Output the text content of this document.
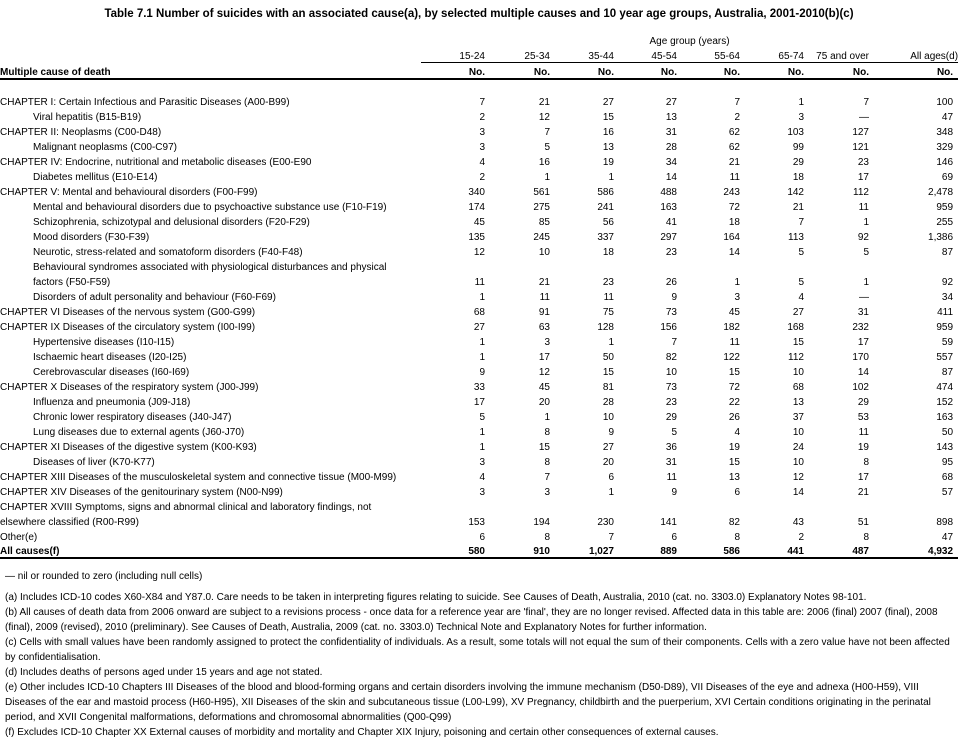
Table 7.1 Number of suicides with an associated cause(a), by selected multiple causes and 10 year age groups, Australia, 2001-2010(b)(c)

	Age group (years)							
	15-24	25-34	35-44	45-54	55-64	65-74	75 and over	All ages(d)
Multiple cause of death	No.	No.	No.	No.	No.	No.	No.	No.

CHAPTER I: Certain Infectious and Parasitic Diseases (A00-B99)	7	21	27	27	7	1	7	100
Viral hepatitis (B15-B19)	2	12	15	13	2	3	—	47
CHAPTER II: Neoplasms (C00-D48)	3	7	16	31	62	103	127	348
Malignant neoplasms (C00-C97)	3	5	13	28	62	99	121	329
CHAPTER IV: Endocrine, nutritional and metabolic diseases (E00-E90	4	16	19	34	21	29	23	146
Diabetes mellitus (E10-E14)	2	1	1	14	11	18	17	69
CHAPTER V: Mental and behavioural disorders (F00-F99)	340	561	586	488	243	142	112	2,478
Mental and behavioural disorders due to psychoactive substance use (F10-F19)	174	275	241	163	72	21	11	959
Schizophrenia, schizotypal and delusional disorders (F20-F29)	45	85	56	41	18	7	1	255
Mood disorders (F30-F39)	135	245	337	297	164	113	92	1,386
Neurotic, stress-related and somatoform disorders (F40-F48)	12	10	18	23	14	5	5	87
Behavioural syndromes associated with physiological disturbances and physical								
factors (F50-F59)	11	21	23	26	1	5	1	92
Disorders of adult personality and behaviour (F60-F69)	1	11	11	9	3	4	—	34
CHAPTER VI Diseases of the nervous system (G00-G99)	68	91	75	73	45	27	31	411
CHAPTER IX Diseases of the circulatory system (I00-I99)	27	63	128	156	182	168	232	959
Hypertensive diseases (I10-I15)	1	3	1	7	11	15	17	59
Ischaemic heart diseases (I20-I25)	1	17	50	82	122	112	170	557
Cerebrovascular diseases (I60-I69)	9	12	15	10	15	10	14	87
CHAPTER X Diseases of the respiratory system (J00-J99)	33	45	81	73	72	68	102	474
Influenza and pneumonia (J09-J18)	17	20	28	23	22	13	29	152
Chronic lower respiratory diseases (J40-J47)	5	1	10	29	26	37	53	163
Lung diseases due to external agents (J60-J70)	1	8	9	5	4	10	11	50
CHAPTER XI Diseases of the digestive system (K00-K93)	1	15	27	36	19	24	19	143
Diseases of liver (K70-K77)	3	8	20	31	15	10	8	95
CHAPTER XIII Diseases of the musculoskeletal system and connective tissue (M00-M99)	4	7	6	11	13	12	17	68
CHAPTER XIV Diseases of the genitourinary system (N00-N99)	3	3	1	9	6	14	21	57
CHAPTER XVIII Symptoms, signs and abnormal clinical and laboratory findings, not								
elsewhere classified (R00-R99)	153	194	230	141	82	43	51	898
Other(e)	6	8	7	6	8	2	8	47
All causes(f)	580	910	1,027	889	586	441	487	4,932

— nil or rounded to zero (including null cells)

(a) Includes ICD-10 codes X60-X84 and Y87.0. Care needs to be taken in interpreting figures relating to suicide. See Causes of Death, Australia, 2010 (cat. no. 3303.0) Explanatory Notes 98-101.

(b) All causes of death data from 2006 onward are subject to a revisions process - once data for a reference year are 'final', they are no longer revised. Affected data in this table are: 2006 (final) 2007 (final), 2008 (final), 2009 (revised), 2010 (preliminary). See Causes of Death, Australia, 2009 (cat. no. 3303.0) Technical Note and Explanatory Notes for further information.

(c) Cells with small values have been randomly assigned to protect the confidentiality of individuals. As a result, some totals will not equal the sum of their components. Cells with a zero value have not been affected by confidentialisation.

(d) Includes deaths of persons aged under 15 years and age not stated.

(e) Other includes ICD-10 Chapters III Diseases of the blood and blood-forming organs and certain disorders involving the immune mechanism (D50-D89), VII Diseases of the eye and adnexa (H00-H59), VIII Diseases of the ear and mastoid process (H60-H95), XII Diseases of the skin and subcutaneous tissue (L00-L99), XV Pregnancy, childbirth and the puerperium, XVI Certain conditions originating in the perinatal period, and XVII Congenital malformations, deformations and chromosomal abnormalities (Q00-Q99)

(f) Excludes ICD-10 Chapter XX External causes of morbidity and mortality and Chapter XIX Injury, poisoning and certain other consequences of external causes.
